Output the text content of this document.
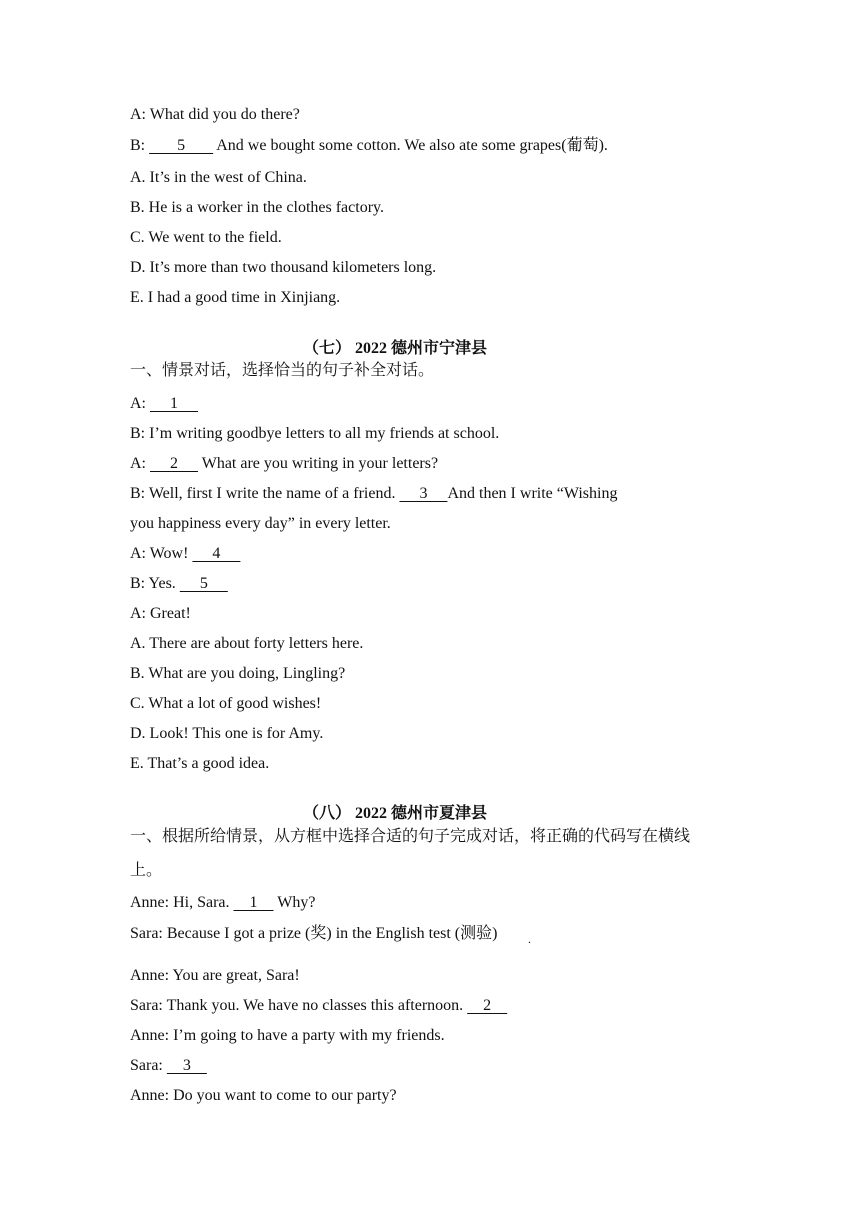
A: What did you do there?
B:        5        And we bought some cotton. We also ate some grapes(葡萄).
A. It’s in the west of China.
B. He is a worker in the clothes factory.
C. We went to the field.
D. It’s more than two thousand kilometers long.
E. I had a good time in Xinjiang.
（七） 2022 德州市宁津县
一、情景对话，选择恰当的句子补全对话。
A:      1
B: I’m writing goodbye letters to all my friends at school.
A:      2      What are you writing in your letters?
B: Well, first I write the name of a friend.      3     And then I write “Wishing
you happiness every day” in every letter.
A: Wow!      4
B: Yes.      5
A: Great!
A. There are about forty letters here.
B. What are you doing, Lingling?
C. What a lot of good wishes!
D. Look! This one is for Amy.
E. That’s a good idea.
（八） 2022 德州市夏津县
一、根据所给情景，从方框中选择合适的句子完成对话，将正确的代码写在横线
上。
Anne: Hi, Sara.     1     Why?
Sara: Because I got a prize (奖) in the English test (测验)	.
Anne: You are great, Sara!
Sara: Thank you. We have no classes this afternoon.     2
Anne: I’m going to have a party with my friends.
Sara:     3
Anne: Do you want to come to our party?
